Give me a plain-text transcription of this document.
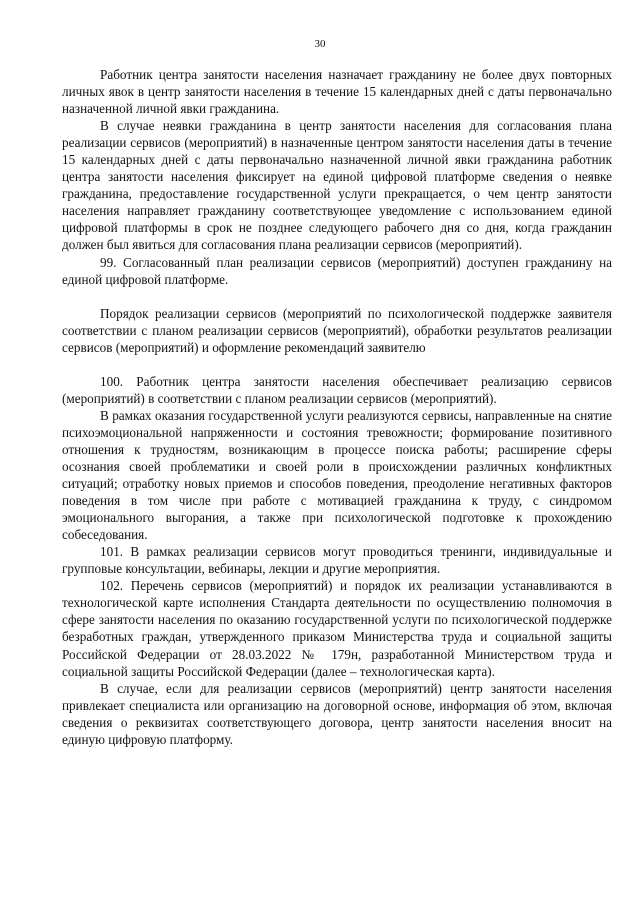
30

Работник центра занятости населения назначает гражданину не более двух повторных личных явок в центр занятости населения в течение 15 календарных дней с даты первоначально назначенной личной явки гражданина.

В случае неявки гражданина в центр занятости населения для согласования плана реализации сервисов (мероприятий) в назначенные центром занятости населения даты в течение 15 календарных дней с даты первоначально назначенной личной явки гражданина работник центра занятости населения фиксирует на единой цифровой платформе сведения о неявке гражданина, предоставление государственной услуги прекращается, о чем центр занятости населения направляет гражданину соответствующее уведомление с использованием единой цифровой платформы в срок не позднее следующего рабочего дня со дня, когда гражданин должен был явиться для согласования плана реализации сервисов (мероприятий).

99. Согласованный план реализации сервисов (мероприятий) доступен гражданину на единой цифровой платформе.

Порядок реализации сервисов (мероприятий по психологической поддержке заявителя соответствии с планом реализации сервисов (мероприятий), обработки результатов реализации сервисов (мероприятий) и оформление рекомендаций заявителю

100. Работник центра занятости населения обеспечивает реализацию сервисов (мероприятий) в соответствии с планом реализации сервисов (мероприятий).

В рамках оказания государственной услуги реализуются сервисы, направленные на снятие психоэмоциональной напряженности и состояния тревожности; формирование позитивного отношения к трудностям, возникающим в процессе поиска работы; расширение сферы осознания своей проблематики и своей роли в происхождении различных конфликтных ситуаций; отработку новых приемов и способов поведения, преодоление негативных факторов поведения в том числе при работе с мотивацией гражданина к труду, с синдромом эмоционального выгорания, а также при психологической подготовке к прохождению собеседования.

101. В рамках реализации сервисов могут проводиться тренинги, индивидуальные и групповые консультации, вебинары, лекции и другие мероприятия.

102. Перечень сервисов (мероприятий) и порядок их реализации устанавливаются в технологической карте исполнения Стандарта деятельности по осуществлению полномочия в сфере занятости населения по оказанию государственной услуги по психологической поддержке безработных граждан, утвержденного приказом Министерства труда и социальной защиты Российской Федерации от 28.03.2022 № 179н, разработанной Министерством труда и социальной защиты Российской Федерации (далее – технологическая карта).

В случае, если для реализации сервисов (мероприятий) центр занятости населения привлекает специалиста или организацию на договорной основе, информация об этом, включая сведения о реквизитах соответствующего договора, центр занятости населения вносит на единую цифровую платформу.
